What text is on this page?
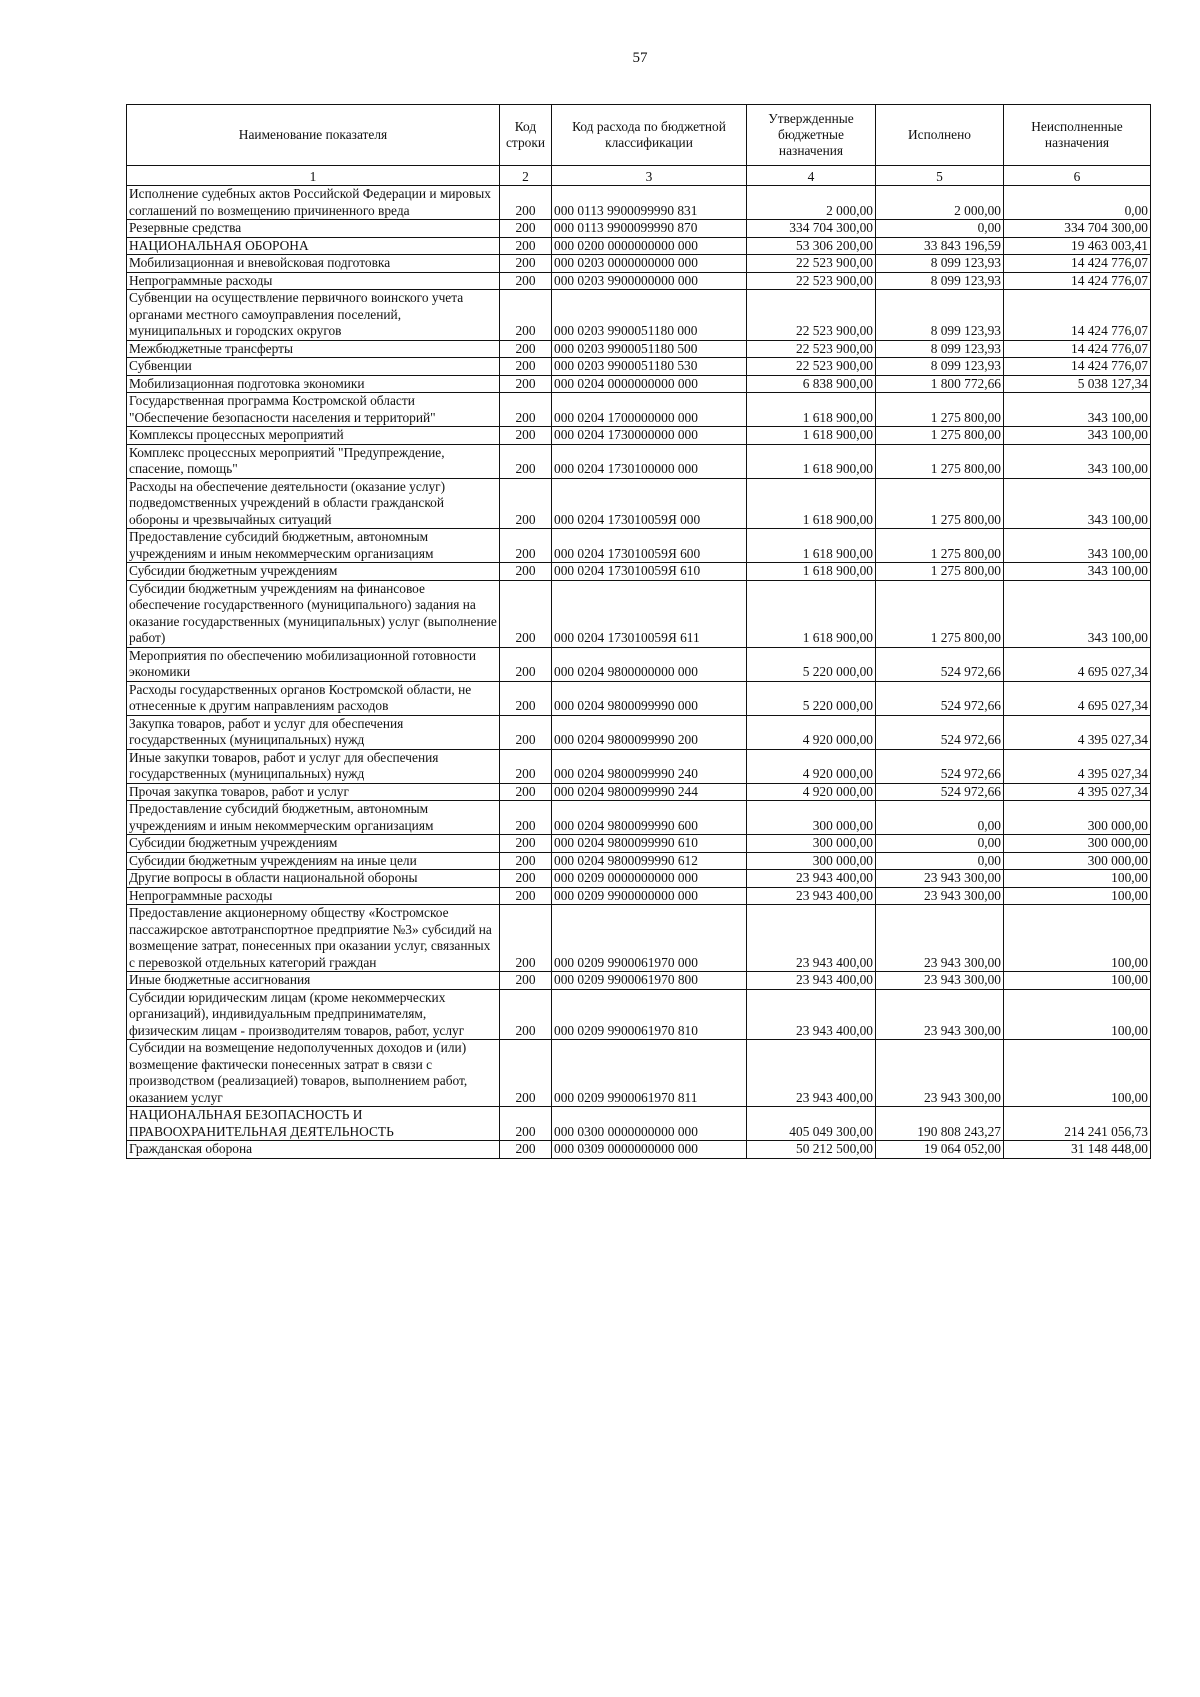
57
Наименование показателя	Код строки	Код расхода по бюджетной классификации	Утвержденные бюджетные назначения	Исполнено	Неисполненные назначения
1	2	3	4	5	6
Исполнение судебных актов Российской Федерации и мировых соглашений по возмещению причиненного вреда	200	000 0113 9900099990 831	2 000,00	2 000,00	0,00
Резервные средства	200	000 0113 9900099990 870	334 704 300,00	0,00	334 704 300,00
НАЦИОНАЛЬНАЯ ОБОРОНА	200	000 0200 0000000000 000	53 306 200,00	33 843 196,59	19 463 003,41
Мобилизационная и вневойсковая подготовка	200	000 0203 0000000000 000	22 523 900,00	8 099 123,93	14 424 776,07
Непрограммные расходы	200	000 0203 9900000000 000	22 523 900,00	8 099 123,93	14 424 776,07
Субвенции на осуществление первичного воинского учета органами местного самоуправления поселений, муниципальных и городских округов	200	000 0203 9900051180 000	22 523 900,00	8 099 123,93	14 424 776,07
Межбюджетные трансферты	200	000 0203 9900051180 500	22 523 900,00	8 099 123,93	14 424 776,07
Субвенции	200	000 0203 9900051180 530	22 523 900,00	8 099 123,93	14 424 776,07
Мобилизационная подготовка экономики	200	000 0204 0000000000 000	6 838 900,00	1 800 772,66	5 038 127,34
Государственная программа Костромской области "Обеспечение безопасности населения и территорий"	200	000 0204 1700000000 000	1 618 900,00	1 275 800,00	343 100,00
Комплексы процессных мероприятий	200	000 0204 1730000000 000	1 618 900,00	1 275 800,00	343 100,00
Комплекс процессных мероприятий "Предупреждение, спасение, помощь"	200	000 0204 1730100000 000	1 618 900,00	1 275 800,00	343 100,00
Расходы на обеспечение деятельности (оказание услуг) подведомственных учреждений в области гражданской обороны и чрезвычайных ситуаций	200	000 0204 173010059Я 000	1 618 900,00	1 275 800,00	343 100,00
Предоставление субсидий бюджетным, автономным учреждениям и иным некоммерческим организациям	200	000 0204 173010059Я 600	1 618 900,00	1 275 800,00	343 100,00
Субсидии бюджетным учреждениям	200	000 0204 173010059Я 610	1 618 900,00	1 275 800,00	343 100,00
Субсидии бюджетным учреждениям на финансовое обеспечение государственного (муниципального) задания на оказание государственных (муниципальных) услуг (выполнение работ)	200	000 0204 173010059Я 611	1 618 900,00	1 275 800,00	343 100,00
Мероприятия по обеспечению мобилизационной готовности экономики	200	000 0204 9800000000 000	5 220 000,00	524 972,66	4 695 027,34
Расходы государственных органов Костромской области, не отнесенные к другим направлениям расходов	200	000 0204 9800099990 000	5 220 000,00	524 972,66	4 695 027,34
Закупка товаров, работ и услуг для обеспечения государственных (муниципальных) нужд	200	000 0204 9800099990 200	4 920 000,00	524 972,66	4 395 027,34
Иные закупки товаров, работ и услуг для обеспечения государственных (муниципальных) нужд	200	000 0204 9800099990 240	4 920 000,00	524 972,66	4 395 027,34
Прочая закупка товаров, работ и услуг	200	000 0204 9800099990 244	4 920 000,00	524 972,66	4 395 027,34
Предоставление субсидий бюджетным, автономным учреждениям и иным некоммерческим организациям	200	000 0204 9800099990 600	300 000,00	0,00	300 000,00
Субсидии бюджетным учреждениям	200	000 0204 9800099990 610	300 000,00	0,00	300 000,00
Субсидии бюджетным учреждениям на иные цели	200	000 0204 9800099990 612	300 000,00	0,00	300 000,00
Другие вопросы в области национальной обороны	200	000 0209 0000000000 000	23 943 400,00	23 943 300,00	100,00
Непрограммные расходы	200	000 0209 9900000000 000	23 943 400,00	23 943 300,00	100,00
Предоставление акционерному обществу «Костромское пассажирское автотранспортное предприятие №3» субсидий на возмещение затрат, понесенных при оказании услуг, связанных с перевозкой отдельных категорий граждан	200	000 0209 9900061970 000	23 943 400,00	23 943 300,00	100,00
Иные бюджетные ассигнования	200	000 0209 9900061970 800	23 943 400,00	23 943 300,00	100,00
Субсидии юридическим лицам (кроме некоммерческих организаций), индивидуальным предпринимателям, физическим лицам - производителям товаров, работ, услуг	200	000 0209 9900061970 810	23 943 400,00	23 943 300,00	100,00
Субсидии на возмещение недополученных доходов и (или) возмещение фактически понесенных затрат в связи с производством (реализацией) товаров, выполнением работ, оказанием услуг	200	000 0209 9900061970 811	23 943 400,00	23 943 300,00	100,00
НАЦИОНАЛЬНАЯ БЕЗОПАСНОСТЬ И ПРАВООХРАНИТЕЛЬНАЯ ДЕЯТЕЛЬНОСТЬ	200	000 0300 0000000000 000	405 049 300,00	190 808 243,27	214 241 056,73
Гражданская оборона	200	000 0309 0000000000 000	50 212 500,00	19 064 052,00	31 148 448,00
